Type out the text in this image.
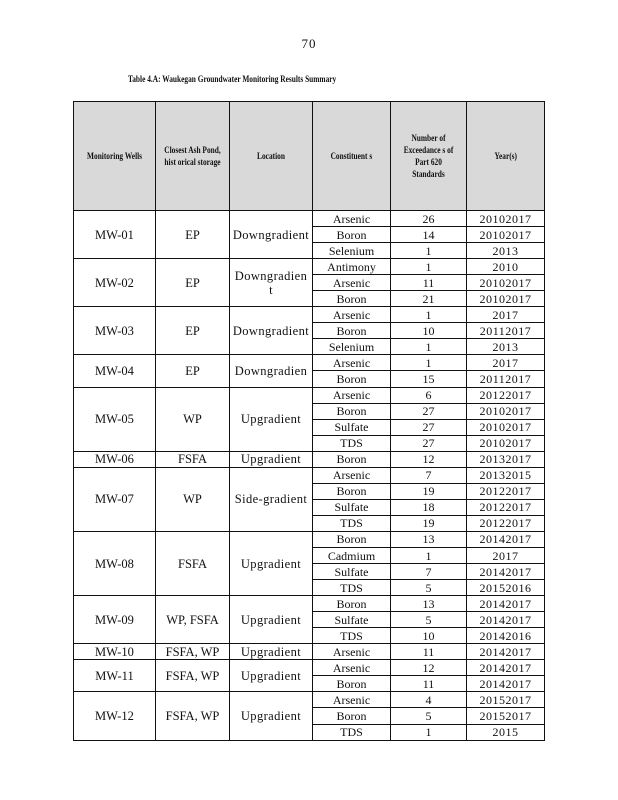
70
Table 4.A: Waukegan Groundwater Monitoring Results Summary
Monitoring Wells	Closest Ash Pond, hist orical storage	Location	Constituent s	Number of Exceedance s of Part 620 Standards	Year(s)
MW-01	EP	Downgradient	Arsenic	26	20102017
			Boron	14	20102017
			Selenium	1	2013
MW-02	EP	Downgradien t	Antimony	1	2010
			Arsenic	11	20102017
			Boron	21	20102017
MW-03	EP	Downgradient	Arsenic	1	2017
			Boron	10	20112017
			Selenium	1	2013
MW-04	EP	Downgradien	Arsenic	1	2017
			Boron	15	20112017
MW-05	WP	Upgradient	Arsenic	6	20122017
			Boron	27	20102017
			Sulfate	27	20102017
			TDS	27	20102017
MW-06	FSFA	Upgradient	Boron	12	20132017
MW-07	WP	Side-gradient	Arsenic	7	20132015
			Boron	19	20122017
			Sulfate	18	20122017
			TDS	19	20122017
MW-08	FSFA	Upgradient	Boron	13	20142017
			Cadmium	1	2017
			Sulfate	7	20142017
			TDS	5	20152016
MW-09	WP, FSFA	Upgradient	Boron	13	20142017
			Sulfate	5	20142017
			TDS	10	20142016
MW-10	FSFA, WP	Upgradient	Arsenic	11	20142017
MW-11	FSFA, WP	Upgradient	Arsenic	12	20142017
			Boron	11	20142017
MW-12	FSFA, WP	Upgradient	Arsenic	4	20152017
			Boron	5	20152017
			TDS	1	2015
